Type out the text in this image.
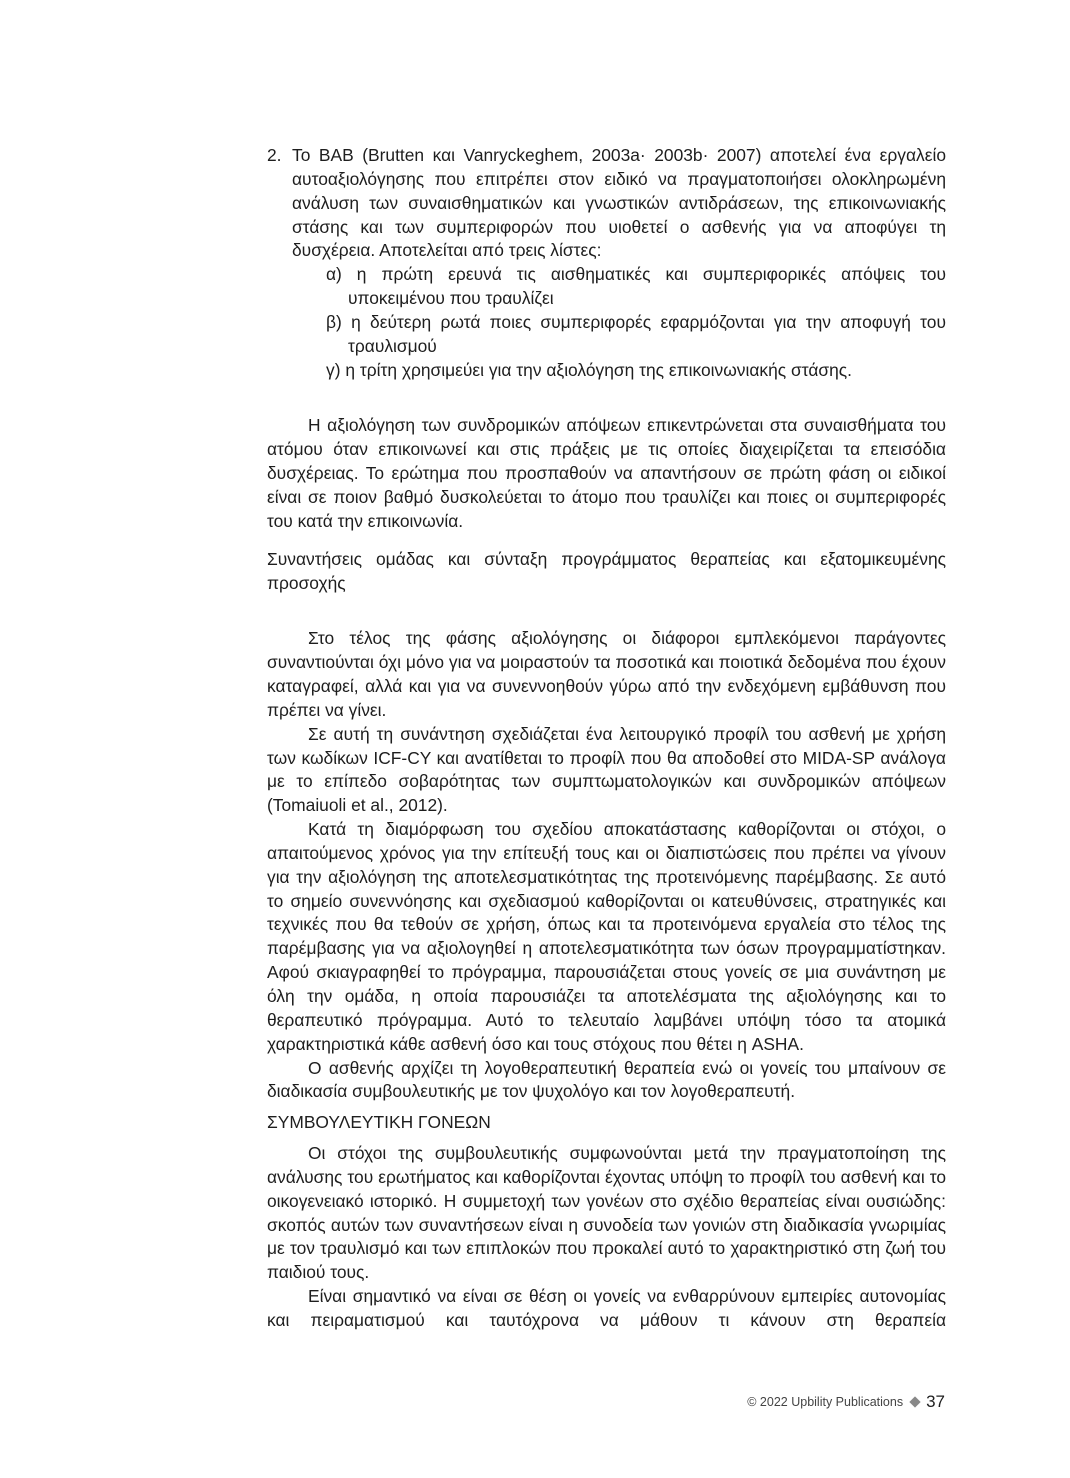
2. Το BAB (Brutten και Vanryckeghem, 2003a· 2003b· 2007) αποτελεί ένα εργαλείο αυτοαξιολόγησης που επιτρέπει στον ειδικό να πραγματοποιήσει ολοκληρωμένη ανάλυση των συναισθηματικών και γνωστικών αντιδράσεων, της επικοινωνιακής στάσης και των συμπεριφορών που υιοθετεί ο ασθενής για να αποφύγει τη δυσχέρεια. Αποτελείται από τρεις λίστες:

α) η πρώτη ερευνά τις αισθηματικές και συμπεριφορικές απόψεις του υποκειμένου που τραυλίζει
β) η δεύτερη ρωτά ποιες συμπεριφορές εφαρμόζονται για την αποφυγή του τραυλισμού
γ) η τρίτη χρησιμεύει για την αξιολόγηση της επικοινωνιακής στάσης.

Η αξιολόγηση των συνδρομικών απόψεων επικεντρώνεται στα συναισθήματα του ατόμου όταν επικοινωνεί και στις πράξεις με τις οποίες διαχειρίζεται τα επεισόδια δυσχέρειας. Το ερώτημα που προσπαθούν να απαντήσουν σε πρώτη φάση οι ειδικοί είναι σε ποιον βαθμό δυσκολεύεται το άτομο που τραυλίζει και ποιες οι συμπεριφορές του κατά την επικοινωνία.

Συναντήσεις ομάδας και σύνταξη προγράμματος θεραπείας και εξατομικευμένης προσοχής

Στο τέλος της φάσης αξιολόγησης οι διάφοροι εμπλεκόμενοι παράγοντες συναντιούνται όχι μόνο για να μοιραστούν τα ποσοτικά και ποιοτικά δεδομένα που έχουν καταγραφεί, αλλά και για να συνεννοηθούν γύρω από την ενδεχόμενη εμβάθυνση που πρέπει να γίνει.

Σε αυτή τη συνάντηση σχεδιάζεται ένα λειτουργικό προφίλ του ασθενή με χρήση των κωδίκων ICF-CY και ανατίθεται το προφίλ που θα αποδοθεί στο MIDA-SP ανάλογα με το επίπεδο σοβαρότητας των συμπτωματολογικών και συνδρομικών απόψεων (Tomaiuoli et al., 2012).

Κατά τη διαμόρφωση του σχεδίου αποκατάστασης καθορίζονται οι στόχοι, ο απαιτούμενος χρόνος για την επίτευξή τους και οι διαπιστώσεις που πρέπει να γίνουν για την αξιολόγηση της αποτελεσματικότητας της προτεινόμενης παρέμβασης. Σε αυτό το σημείο συνεννόησης και σχεδιασμού καθορίζονται οι κατευθύνσεις, στρατηγικές και τεχνικές που θα τεθούν σε χρήση, όπως και τα προτεινόμενα εργαλεία στο τέλος της παρέμβασης για να αξιολογηθεί η αποτελεσματικότητα των όσων προγραμματίστηκαν. Αφού σκιαγραφηθεί το πρόγραμμα, παρουσιάζεται στους γονείς σε μια συνάντηση με όλη την ομάδα, η οποία παρουσιάζει τα αποτελέσματα της αξιολόγησης και το θεραπευτικό πρόγραμμα. Αυτό το τελευταίο λαμβάνει υπόψη τόσο τα ατομικά χαρακτηριστικά κάθε ασθενή όσο και τους στόχους που θέτει η ASHA.

Ο ασθενής αρχίζει τη λογοθεραπευτική θεραπεία ενώ οι γονείς του μπαίνουν σε διαδικασία συμβουλευτικής με τον ψυχολόγο και τον λογοθεραπευτή.

ΣΥΜΒΟΥΛΕΥΤΙΚΗ ΓΟΝΕΩΝ

Οι στόχοι της συμβουλευτικής συμφωνούνται μετά την πραγματοποίηση της ανάλυσης του ερωτήματος και καθορίζονται έχοντας υπόψη το προφίλ του ασθενή και το οικογενειακό ιστορικό. Η συμμετοχή των γονέων στο σχέδιο θεραπείας είναι ουσιώδης: σκοπός αυτών των συναντήσεων είναι η συνοδεία των γονιών στη διαδικασία γνωριμίας με τον τραυλισμό και των επιπλοκών που προκαλεί αυτό το χαρακτηριστικό στη ζωή του παιδιού τους.

Είναι σημαντικό να είναι σε θέση οι γονείς να ενθαρρύνουν εμπειρίες αυτονομίας και πειραματισμού και ταυτόχρονα να μάθουν τι κάνουν στη θεραπεία

© 2022 Upbility Publications 37
